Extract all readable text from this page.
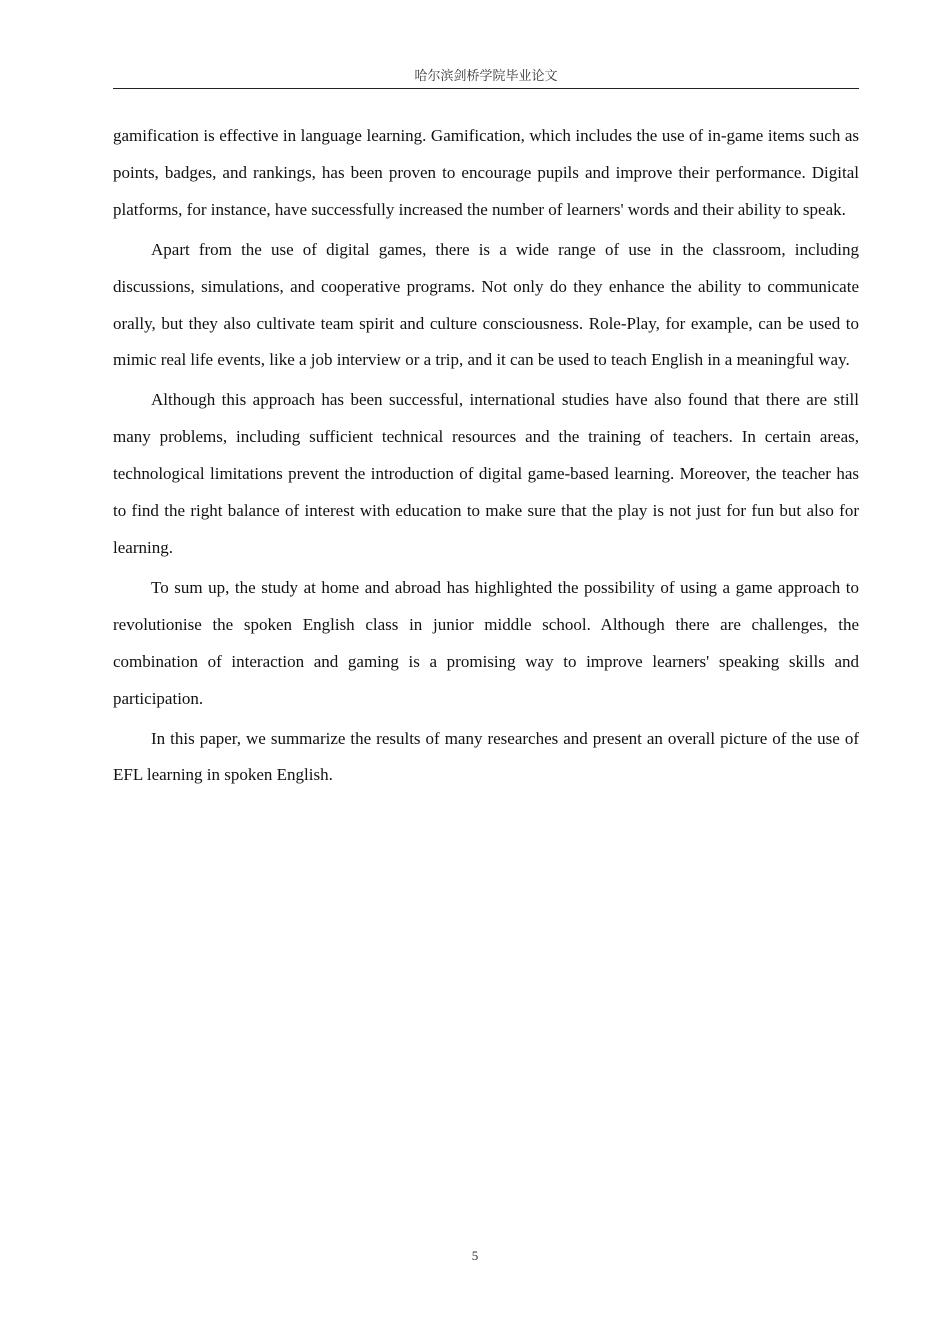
哈尔滨剑桥学院毕业论文

gamification is effective in language learning. Gamification, which includes the use of in-game items such as points, badges, and rankings, has been proven to encourage pupils and improve their performance. Digital platforms, for instance, have successfully increased the number of learners' words and their ability to speak.

Apart from the use of digital games, there is a wide range of use in the classroom, including discussions, simulations, and cooperative programs. Not only do they enhance the ability to communicate orally, but they also cultivate team spirit and culture consciousness. Role-Play, for example, can be used to mimic real life events, like a job interview or a trip, and it can be used to teach English in a meaningful way.

Although this approach has been successful, international studies have also found that there are still many problems, including sufficient technical resources and the training of teachers. In certain areas, technological limitations prevent the introduction of digital game-based learning. Moreover, the teacher has to find the right balance of interest with education to make sure that the play is not just for fun but also for learning.

To sum up, the study at home and abroad has highlighted the possibility of using a game approach to revolutionise the spoken English class in junior middle school. Although there are challenges, the combination of interaction and gaming is a promising way to improve learners' speaking skills and participation.

In this paper, we summarize the results of many researches and present an overall picture of the use of EFL learning in spoken English.

5
